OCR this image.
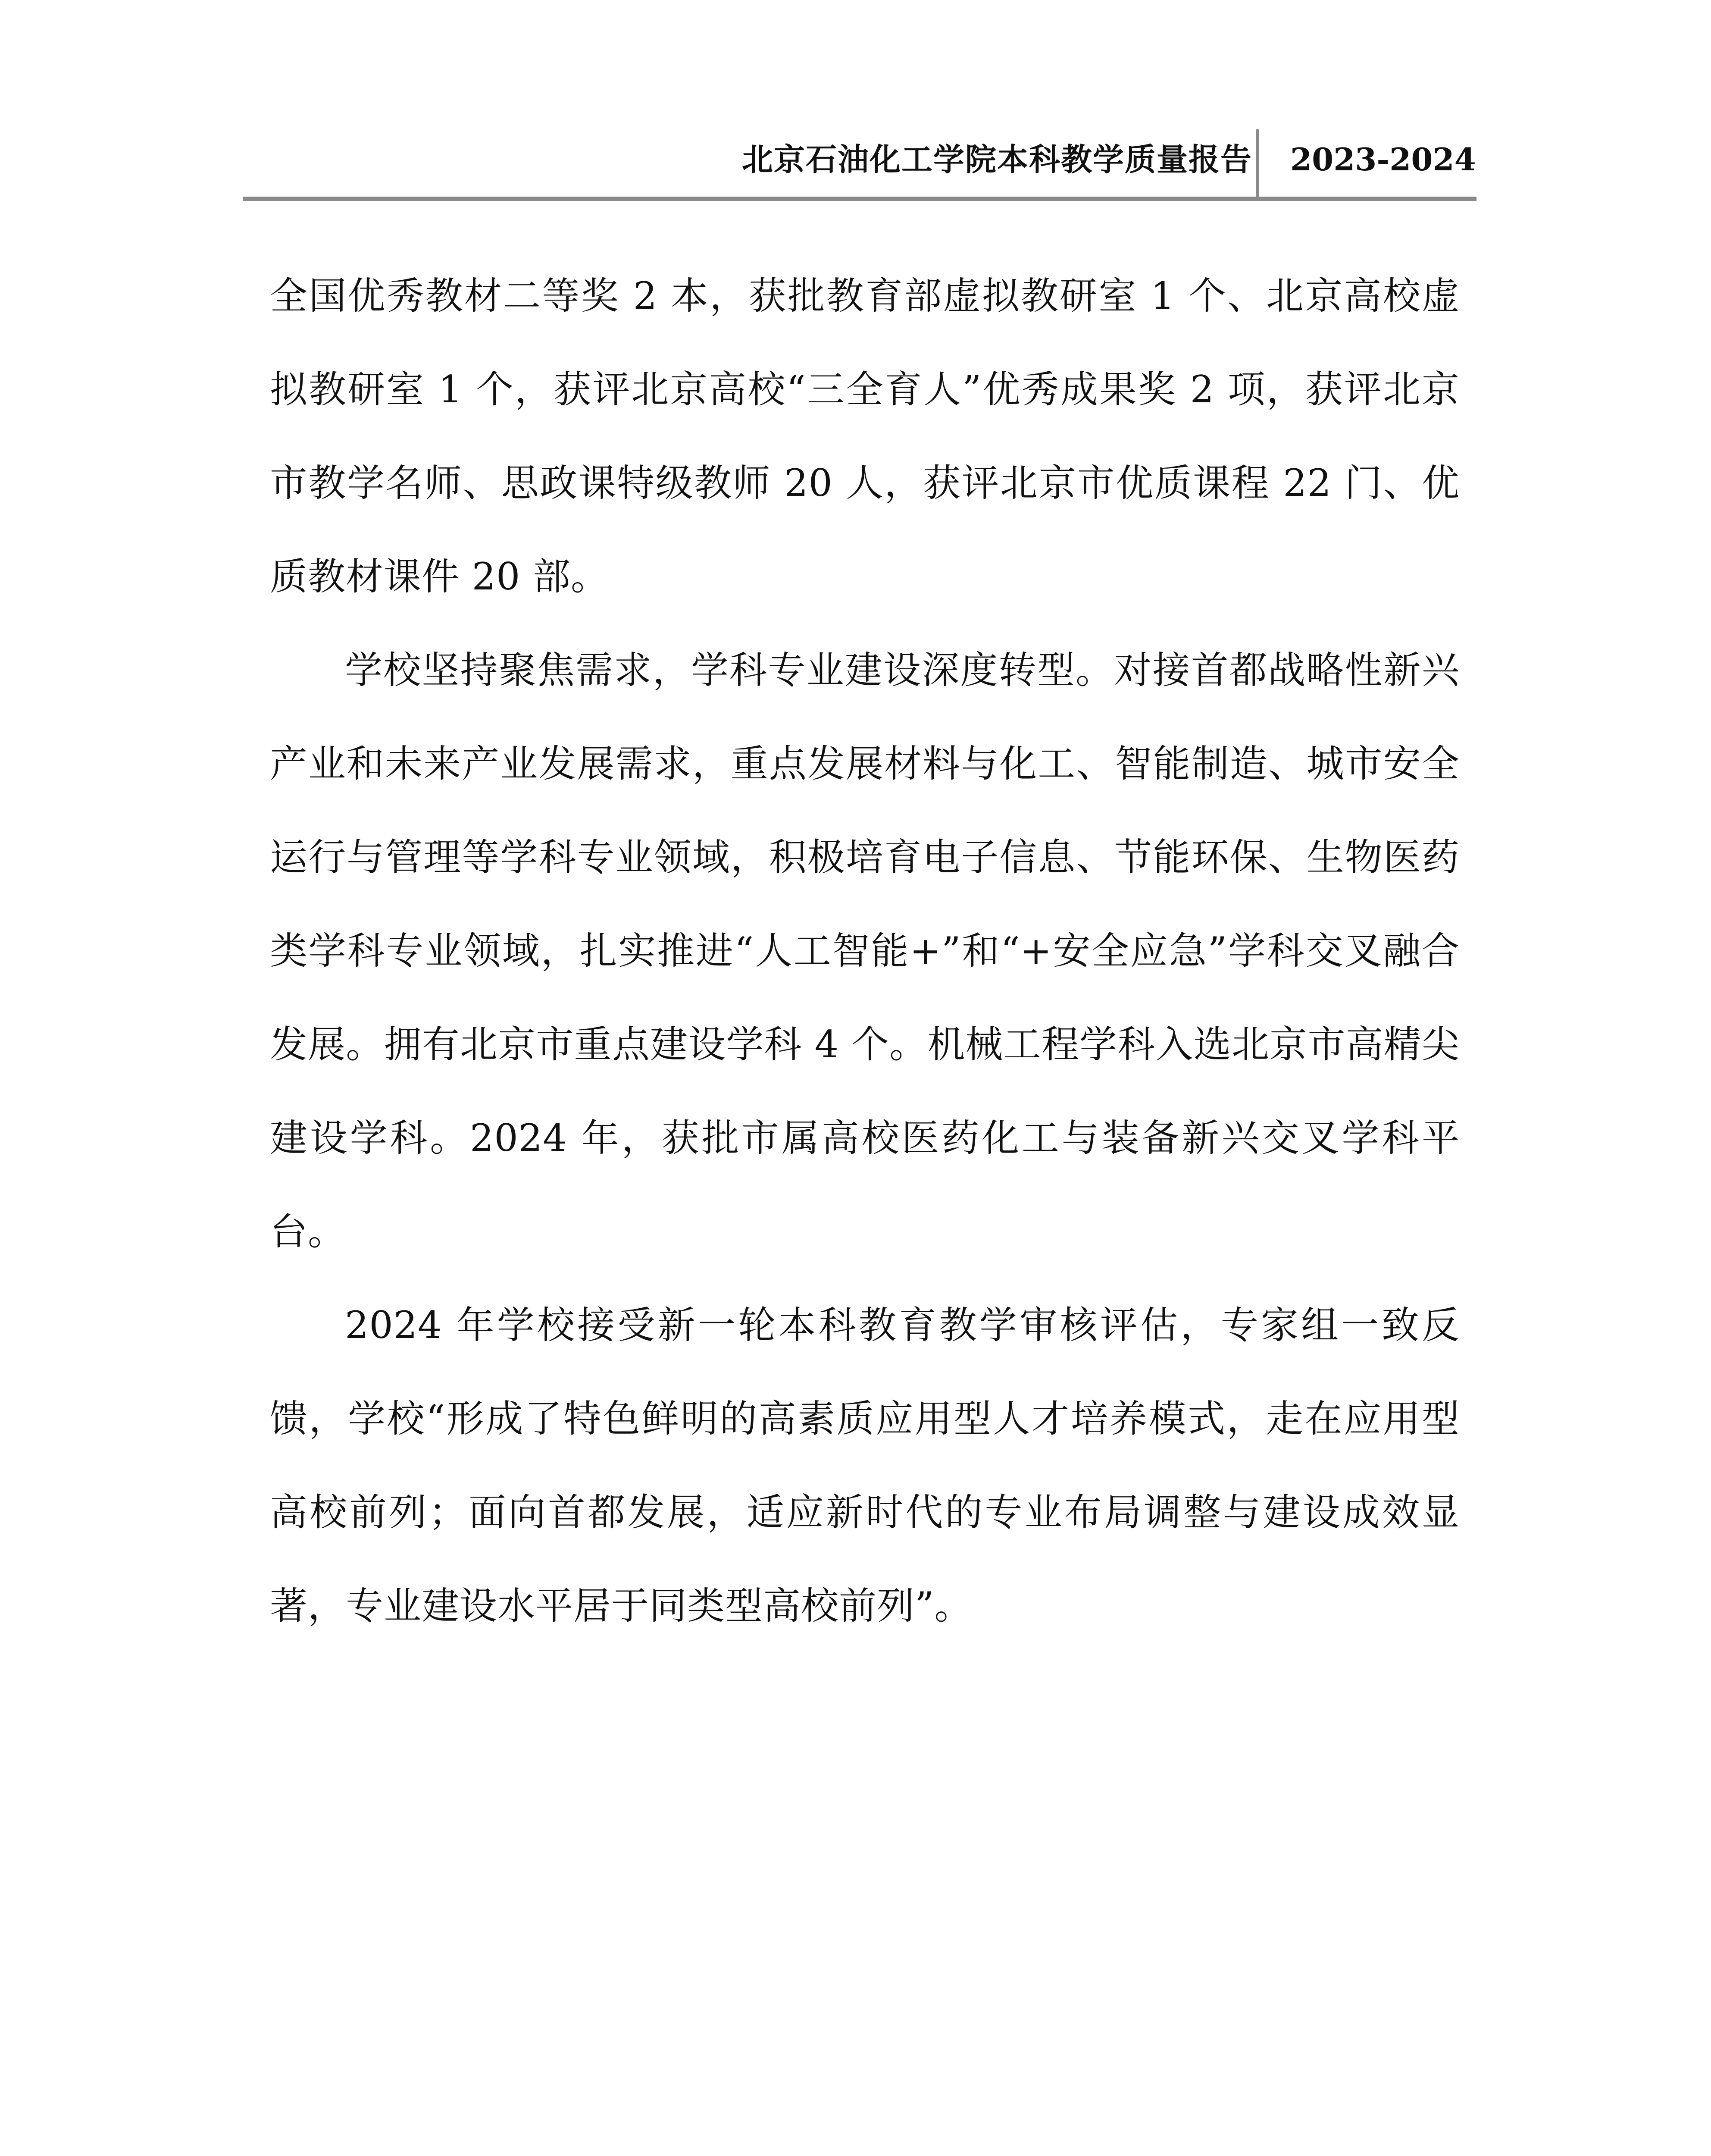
北京石油化工学院本科教学质量报告 2023-2024

全国优秀教材二等奖 2 本，获批教育部虚拟教研室 1 个、北京高校虚拟教研室 1 个，获评北京高校“三全育人”优秀成果奖 2 项，获评北京市教学名师、思政课特级教师 20 人，获评北京市优质课程 22 门、优质教材课件 20 部。

学校坚持聚焦需求，学科专业建设深度转型。对接首都战略性新兴产业和未来产业发展需求，重点发展材料与化工、智能制造、城市安全运行与管理等学科专业领域，积极培育电子信息、节能环保、生物医药类学科专业领域，扎实推进“人工智能+”和“+安全应急”学科交叉融合发展。拥有北京市重点建设学科 4 个。机械工程学科入选北京市高精尖建设学科。2024 年，获批市属高校医药化工与装备新兴交叉学科平台。

2024 年学校接受新一轮本科教育教学审核评估，专家组一致反馈，学校“形成了特色鲜明的高素质应用型人才培养模式，走在应用型高校前列；面向首都发展，适应新时代的专业布局调整与建设成效显著，专业建设水平居于同类型高校前列”。
